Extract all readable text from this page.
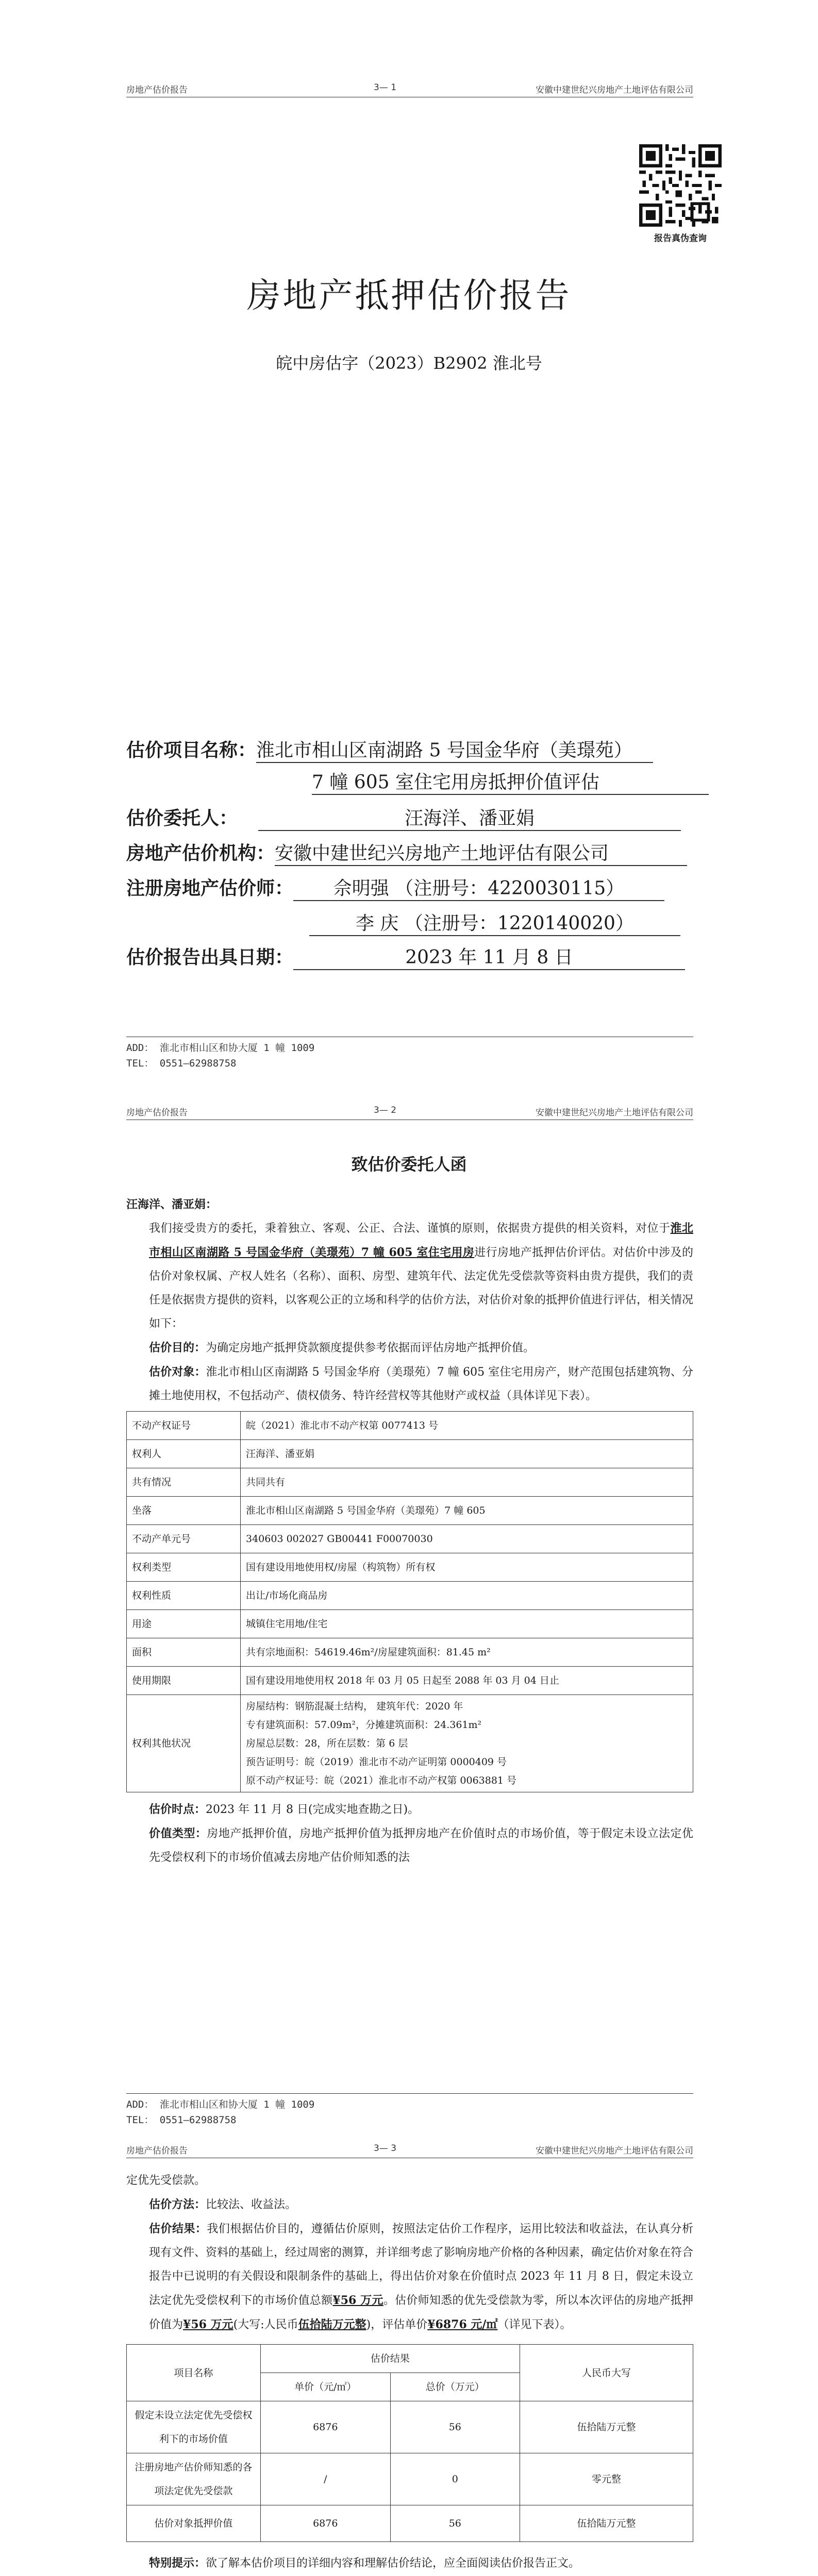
房地产估价报告	3— 1	安徽中建世纪兴房地产土地评估有限公司
报告真伪查询
房地产抵押估价报告
皖中房估字（2023）B2902 淮北号
估价项目名称：淮北市相山区南湖路 5 号国金华府（美璟苑）
7 幢 605 室住宅用房抵押价值评估
估价委托人：	汪海洋、潘亚娟
房地产估价机构：安徽中建世纪兴房地产土地评估有限公司
注册房地产估价师： 佘明强 （注册号：4220030115）
李 庆 （注册号：1220140020）
估价报告出具日期：	2023 年 11 月 8 日
ADD： 淮北市相山区和协大厦 1 幢 1009
TEL： 0551—62988758
房地产估价报告	3— 2	安徽中建世纪兴房地产土地评估有限公司
致估价委托人函
汪海洋、潘亚娟：
我们接受贵方的委托，秉着独立、客观、公正、合法、谨慎的原则，依据贵方提供的相关资料，对位于淮北市相山区南湖路 5 号国金华府（美璟苑）7 幢 605 室住宅用房进行房地产抵押估价评估。对估价中涉及的估价对象权属、产权人姓名（名称）、面积、房型、建筑年代、法定优先受偿款等资料由贵方提供，我们的责任是依据贵方提供的资料，以客观公正的立场和科学的估价方法，对估价对象的抵押价值进行评估，相关情况如下：
估价目的：为确定房地产抵押贷款额度提供参考依据而评估房地产抵押价值。
估价对象：淮北市相山区南湖路 5 号国金华府（美璟苑）7 幢 605 室住宅用房产，财产范围包括建筑物、分摊土地使用权，不包括动产、债权债务、特许经营权等其他财产或权益（具体详见下表）。
不动产权证号	皖（2021）淮北市不动产权第 0077413 号
权利人	汪海洋、潘亚娟
共有情况	共同共有
坐落	淮北市相山区南湖路 5 号国金华府（美璟苑）7 幢 605
不动产单元号	340603 002027 GB00441 F00070030
权利类型	国有建设用地使用权/房屋（构筑物）所有权
权利性质	出让/市场化商品房
用途	城镇住宅用地/住宅
面积	共有宗地面积：54619.46m²/房屋建筑面积：81.45 m²
使用期限	国有建设用地使用权 2018 年 03 月 05 日起至 2088 年 03 月 04 日止
权利其他状况	房屋结构：钢筋混凝土结构， 建筑年代：2020 年
专有建筑面积：57.09m²，分摊建筑面积：24.361m²
房屋总层数：28，所在层数：第 6 层
预告证明号：皖（2019）淮北市不动产证明第 0000409 号
原不动产权证号：皖（2021）淮北市不动产权第 0063881 号
估价时点：2023 年 11 月 8 日(完成实地查勘之日)。
价值类型：房地产抵押价值，房地产抵押价值为抵押房地产在价值时点的市场价值，等于假定未设立法定优先受偿权利下的市场价值减去房地产估价师知悉的法
ADD： 淮北市相山区和协大厦 1 幢 1009
TEL： 0551—62988758
房地产估价报告	3— 3	安徽中建世纪兴房地产土地评估有限公司
定优先受偿款。
估价方法：比较法、收益法。
估价结果：我们根据估价目的，遵循估价原则，按照法定估价工作程序，运用比较法和收益法，在认真分析现有文件、资料的基础上，经过周密的测算，并详细考虑了影响房地产价格的各种因素，确定估价对象在符合报告中已说明的有关假设和限制条件的基础上，得出估价对象在价值时点 2023 年 11 月 8 日，假定未设立法定优先受偿权利下的市场价值总额¥56 万元。估价师知悉的优先受偿款为零，所以本次评估的房地产抵押价值为¥56 万元(大写:人民币伍拾陆万元整)，评估单价¥6876 元/㎡（详见下表）。
项目名称	估价结果		人民币大写
	单价（元/㎡）	总价（万元）	
假定未设立法定优先受偿权利下的市场价值	6876	56	伍拾陆万元整
注册房地产估价师知悉的各项法定优先受偿款	/	0	零元整
估价对象抵押价值	6876	56	伍拾陆万元整
特别提示：欲了解本估价项目的详细内容和理解估价结论，应全面阅读估价报告正文。
